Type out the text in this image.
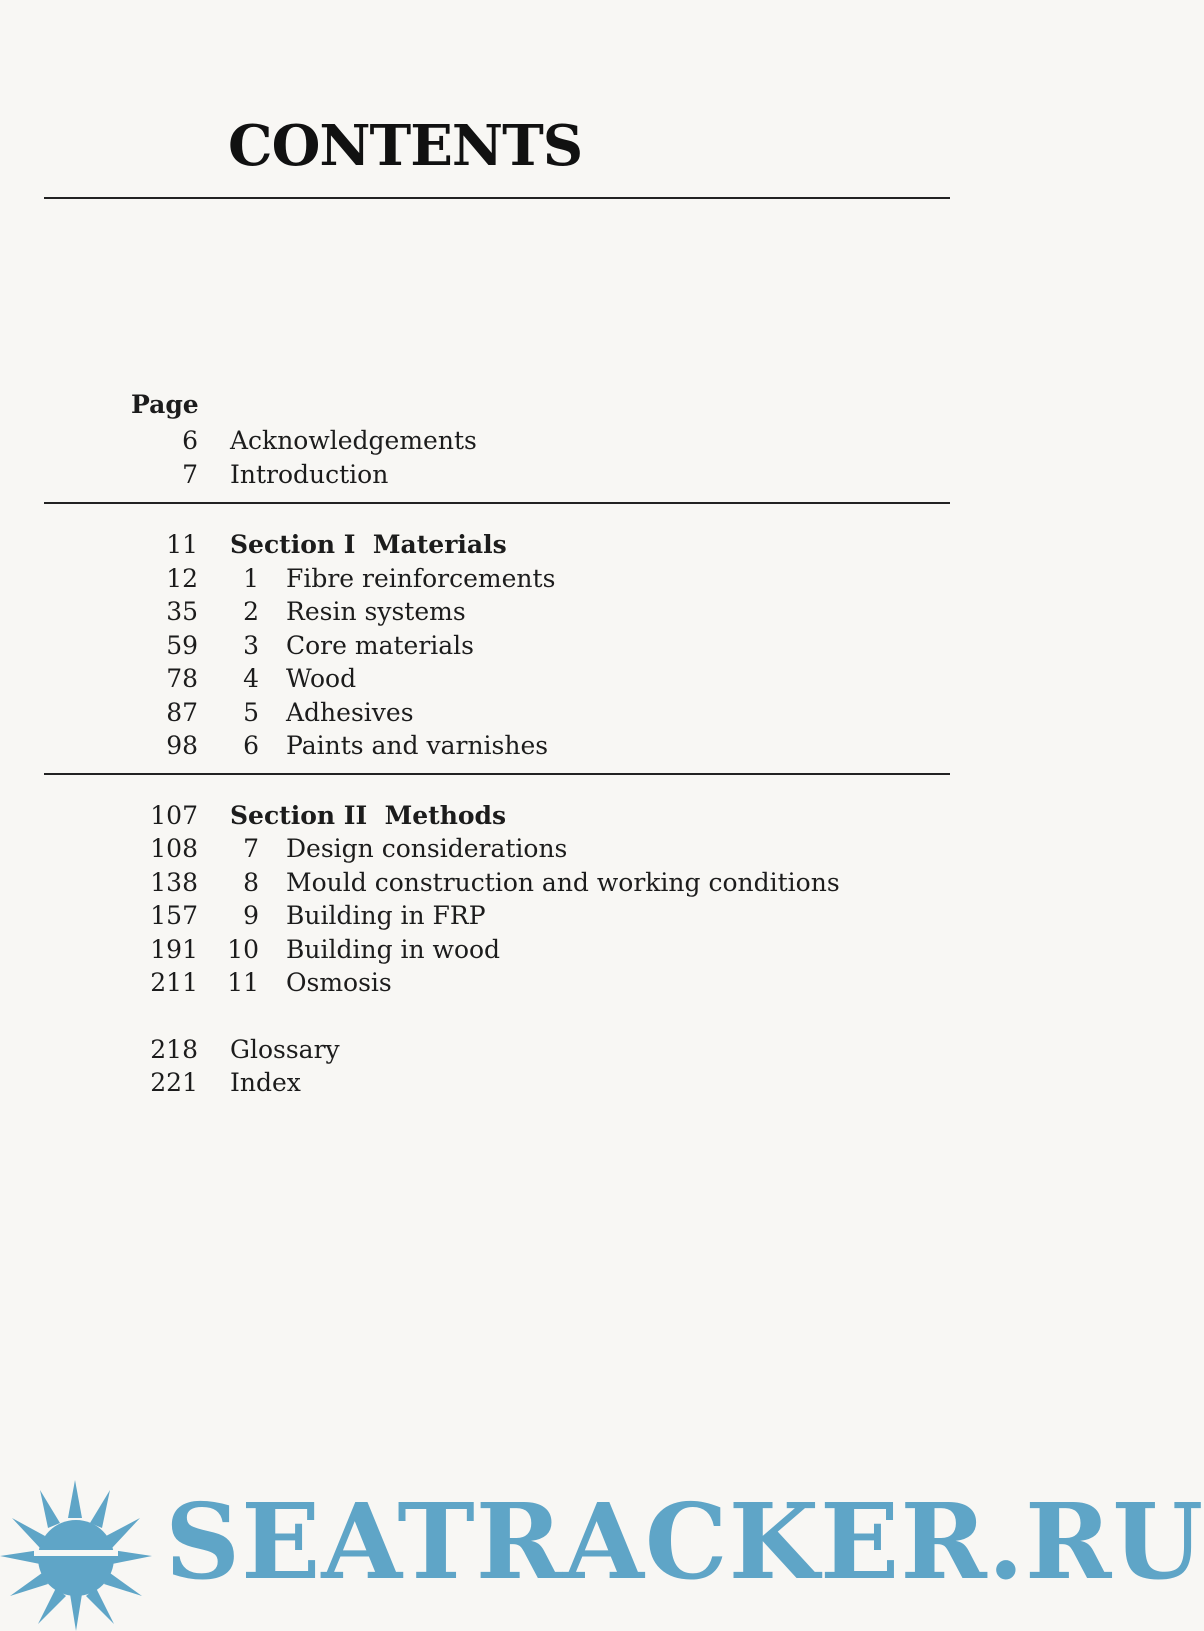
CONTENTS
Page
6 Acknowledgements
7 Introduction
11 Section I  Materials
12	1 Fibre reinforcements
35	2 Resin systems
59	3 Core materials
78	4 Wood
87	5 Adhesives
98	6 Paints and varnishes
107 Section II  Methods
108	7 Design considerations
138	8 Mould construction and working conditions
157	9 Building in FRP
191	10 Building in wood
211	11 Osmosis
218 Glossary
221 Index
SEATRACKER.RU
